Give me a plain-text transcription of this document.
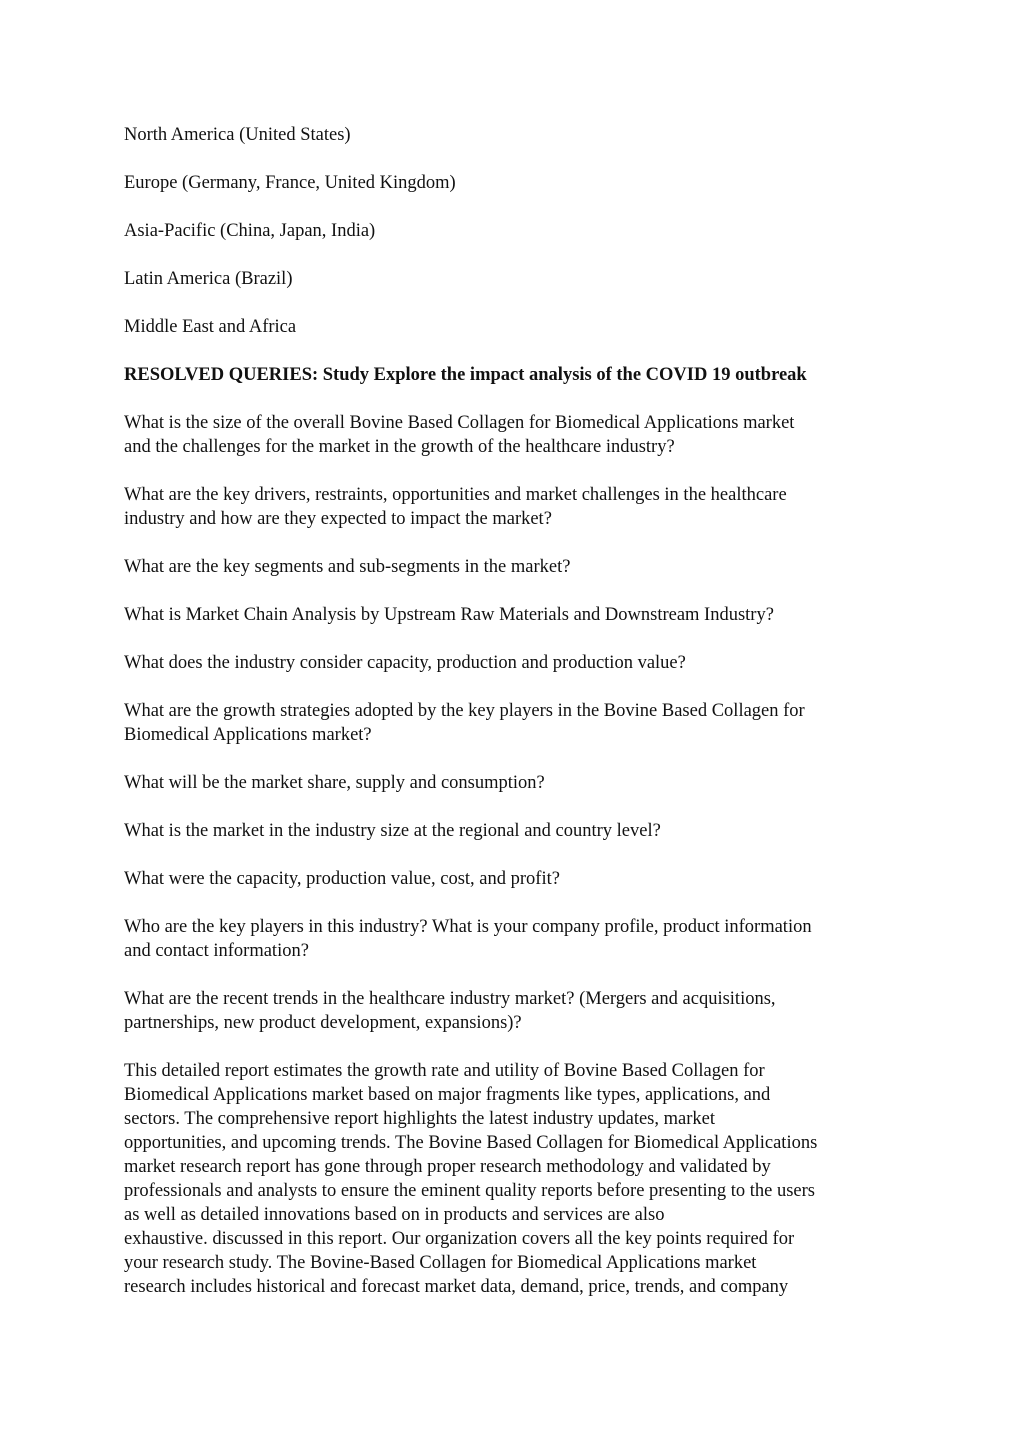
North America (United States)

Europe (Germany, France, United Kingdom)

Asia-Pacific (China, Japan, India)

Latin America (Brazil)

Middle East and Africa

RESOLVED QUERIES: Study Explore the impact analysis of the COVID 19 outbreak

What is the size of the overall Bovine Based Collagen for Biomedical Applications market
and the challenges for the market in the growth of the healthcare industry?

What are the key drivers, restraints, opportunities and market challenges in the healthcare
industry and how are they expected to impact the market?

What are the key segments and sub-segments in the market?

What is Market Chain Analysis by Upstream Raw Materials and Downstream Industry?

What does the industry consider capacity, production and production value?

What are the growth strategies adopted by the key players in the Bovine Based Collagen for
Biomedical Applications market?

What will be the market share, supply and consumption?

What is the market in the industry size at the regional and country level?

What were the capacity, production value, cost, and profit?

Who are the key players in this industry? What is your company profile, product information
and contact information?

What are the recent trends in the healthcare industry market? (Mergers and acquisitions,
partnerships, new product development, expansions)?

This detailed report estimates the growth rate and utility of Bovine Based Collagen for
Biomedical Applications market based on major fragments like types, applications, and
sectors. The comprehensive report highlights the latest industry updates, market
opportunities, and upcoming trends. The Bovine Based Collagen for Biomedical Applications
market research report has gone through proper research methodology and validated by
professionals and analysts to ensure the eminent quality reports before presenting to the users
as well as detailed innovations based on in products and services are also
exhaustive. discussed in this report. Our organization covers all the key points required for
your research study. The Bovine-Based Collagen for Biomedical Applications market
research includes historical and forecast market data, demand, price, trends, and company
